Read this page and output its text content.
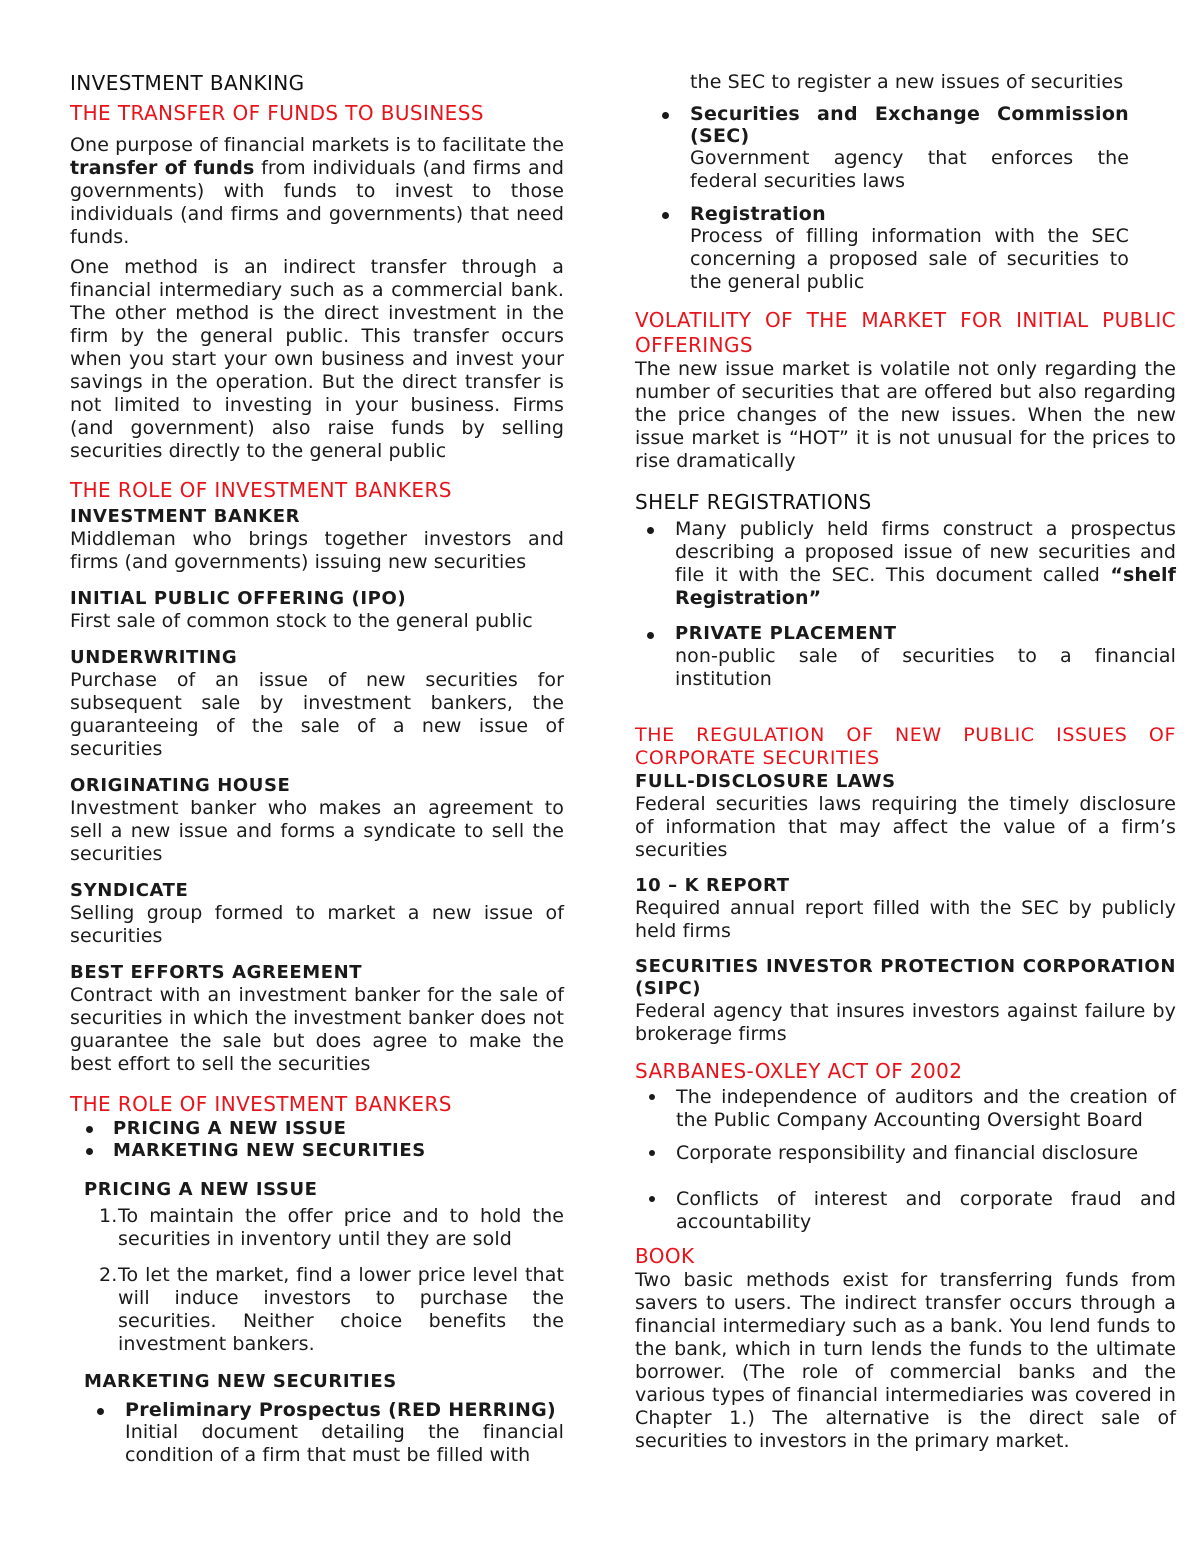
INVESTMENT BANKING
THE TRANSFER OF FUNDS TO BUSINESS

One purpose of financial markets is to facilitate the transfer of funds from individuals (and firms and governments) with funds to invest to those individuals (and firms and governments) that need funds.

One method is an indirect transfer through a financial intermediary such as a commercial bank. The other method is the direct investment in the firm by the general public. This transfer occurs when you start your own business and invest your savings in the operation. But the direct transfer is not limited to investing in your business. Firms (and government) also raise funds by selling securities directly to the general public

THE ROLE OF INVESTMENT BANKERS
INVESTMENT BANKER

Middleman who brings together investors and firms (and governments) issuing new securities

INITIAL PUBLIC OFFERING (IPO)

First sale of common stock to the general public

UNDERWRITING

Purchase of an issue of new securities for subsequent sale by investment bankers, the guaranteeing of the sale of a new issue of securities

ORIGINATING HOUSE

Investment banker who makes an agreement to sell a new issue and forms a syndicate to sell the securities

SYNDICATE

Selling group formed to market a new issue of securities

BEST EFFORTS AGREEMENT

Contract with an investment banker for the sale of securities in which the investment banker does not guarantee the sale but does agree to make the best effort to sell the securities

THE ROLE OF INVESTMENT BANKERS
PRICING A NEW ISSUE
MARKETING NEW SECURITIES
PRICING A NEW ISSUE
1 . To maintain the offer price and to hold the securities in inventory until they are sold
2 . To let the market, find a lower price level that will induce investors to purchase the securities. Neither choice benefits the investment bankers.
MARKETING NEW SECURITIES
Preliminary Prospectus (RED HERRING)

Initial document detailing the financial condition of a firm that must be filled with

the SEC to register a new issues of securities

Securities and Exchange Commission (SEC)

Government agency that enforces the federal securities laws

Registration

Process of filling information with the SEC concerning a proposed sale of securities to the general public

VOLATILITY OF THE MARKET FOR INITIAL PUBLIC OFFERINGS

The new issue market is volatile not only regarding the number of securities that are offered but also regarding the price changes of the new issues. When the new issue market is “HOT” it is not unusual for the prices to rise dramatically

SHELF REGISTRATIONS
Many publicly held firms construct a prospectus describing a proposed issue of new securities and file it with the SEC. This document called “shelf Registration”
PRIVATE PLACEMENT

non-public sale of securities to a financial institution

THE REGULATION OF NEW PUBLIC ISSUES OF CORPORATE SECURITIES
FULL-DISCLOSURE LAWS

Federal securities laws requiring the timely disclosure of information that may affect the value of a firm’s securities

10 – K REPORT

Required annual report filled with the SEC by publicly held firms

SECURITIES INVESTOR PROTECTION CORPORATION (SIPC)

Federal agency that insures investors against failure by brokerage firms

SARBANES-OXLEY ACT OF 2002
The independence of auditors and the creation of the Public Company Accounting Oversight Board
Corporate responsibility and financial disclosure
Conflicts of interest and corporate fraud and accountability
BOOK

Two basic methods exist for transferring funds from savers to users. The indirect transfer occurs through a financial intermediary such as a bank. You lend funds to the bank, which in turn lends the funds to the ultimate borrower. (The role of commercial banks and the various types of financial intermediaries was covered in Chapter 1.) The alternative is the direct sale of securities to investors in the primary market.
